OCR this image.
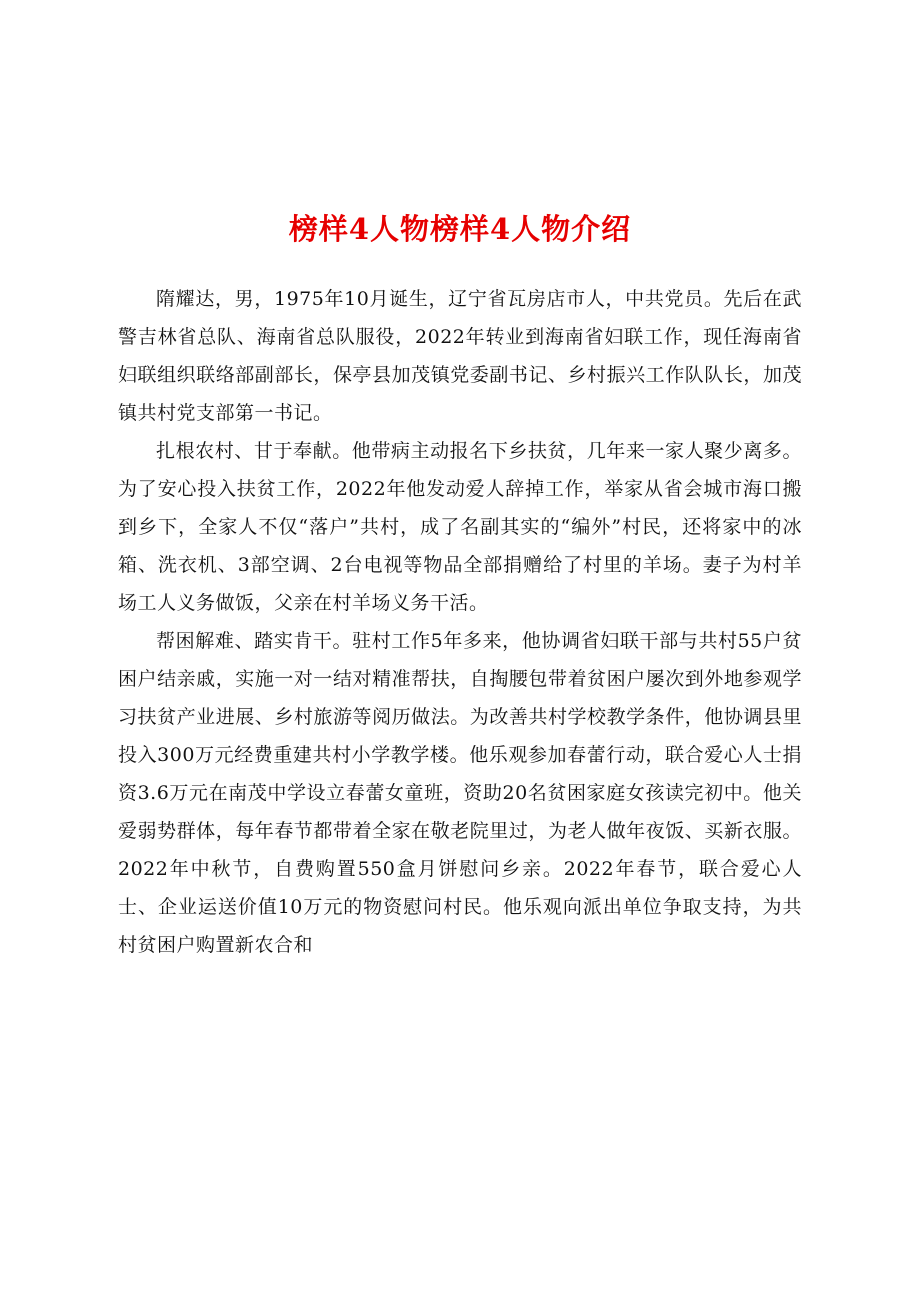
榜样4人物榜样4人物介绍

隋耀达，男，1975年10月诞生，辽宁省瓦房店市人，中共党员。先后在武警吉林省总队、海南省总队服役，2022年转业到海南省妇联工作，现任海南省妇联组织联络部副部长，保亭县加茂镇党委副书记、乡村振兴工作队队长，加茂镇共村党支部第一书记。

扎根农村、甘于奉献。他带病主动报名下乡扶贫，几年来一家人聚少离多。为了安心投入扶贫工作，2022年他发动爱人辞掉工作，举家从省会城市海口搬到乡下，全家人不仅“落户”共村，成了名副其实的“编外”村民，还将家中的冰箱、洗衣机、3部空调、2台电视等物品全部捐赠给了村里的羊场。妻子为村羊场工人义务做饭，父亲在村羊场义务干活。

帮困解难、踏实肯干。驻村工作5年多来，他协调省妇联干部与共村55户贫困户结亲戚，实施一对一结对精准帮扶，自掏腰包带着贫困户屡次到外地参观学习扶贫产业进展、乡村旅游等阅历做法。为改善共村学校教学条件，他协调县里投入300万元经费重建共村小学教学楼。他乐观参加春蕾行动，联合爱心人士捐资3.6万元在南茂中学设立春蕾女童班，资助20名贫困家庭女孩读完初中。他关爱弱势群体，每年春节都带着全家在敬老院里过，为老人做年夜饭、买新衣服。2022年中秋节，自费购置550盒月饼慰问乡亲。2022年春节，联合爱心人士、企业运送价值10万元的物资慰问村民。他乐观向派出单位争取支持，为共村贫困户购置新农合和
